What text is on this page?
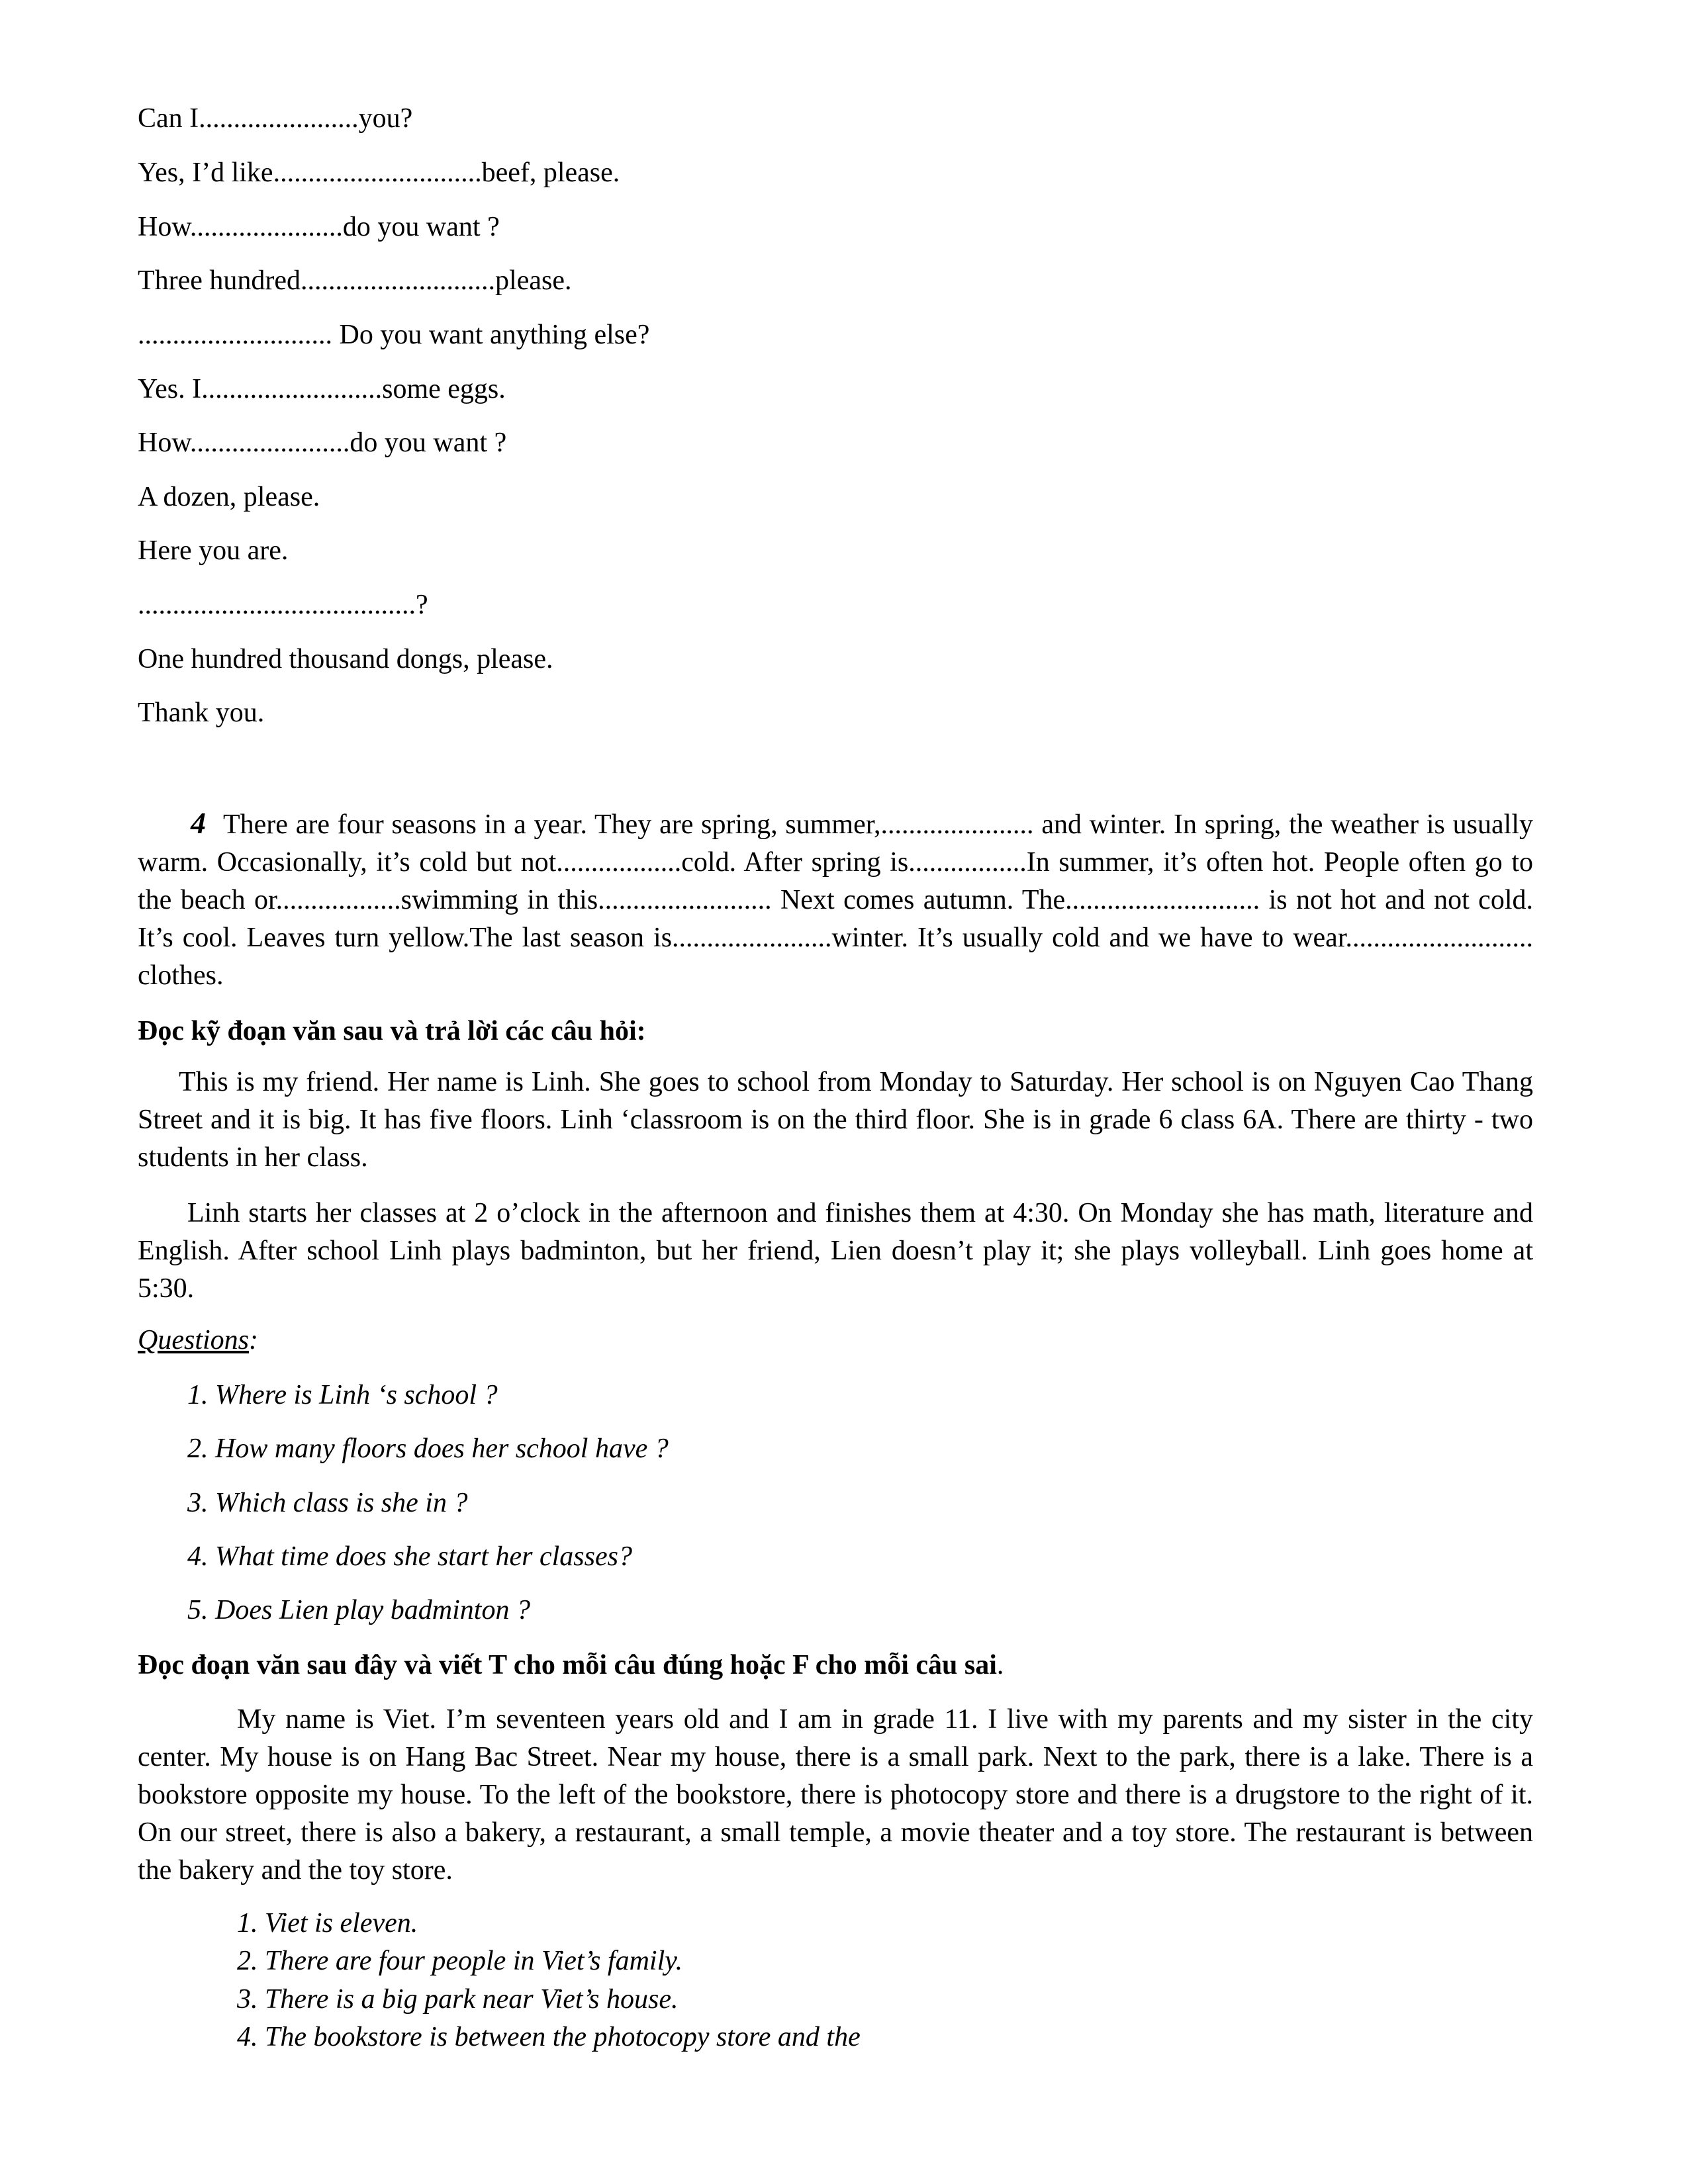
Can I.......................you?
Yes, I’d like..............................beef, please.
How......................do you want ?
Three hundred............................please.
............................ Do you want anything else?
Yes. I..........................some eggs.
How.......................do you want ?
A dozen, please.
Here you are.
........................................?
One hundred thousand dongs, please.
Thank you.
4 There are four seasons in a year. They are spring, summer,...................... and winter. In spring, the weather is usually warm. Occasionally, it’s cold but not..................cold. After spring is.................In summer, it’s often hot. People often go to the beach or..................swimming in this......................... Next comes autumn. The............................ is not hot and not cold. It’s cool. Leaves turn yellow.The last season is.......................winter. It’s usually cold and we have to wear........................... clothes.
Đọc kỹ đoạn văn sau và trả lời các câu hỏi:
This is my friend. Her name is Linh. She goes to school from Monday to Saturday. Her school is on Nguyen Cao Thang Street and it is big. It has five floors. Linh ‘classroom is on the third floor. She is in grade 6 class 6A. There are thirty - two students in her class.
Linh starts her classes at 2 o’clock in the afternoon and finishes them at 4:30. On Monday she has math, literature and English. After school Linh plays badminton, but her friend, Lien doesn’t play it; she plays volleyball. Linh goes home at 5:30.
Questions:
1. Where is Linh ‘s school ?
2. How many floors does her school have ?
3. Which class is she in ?
4. What time does she start her classes?
5. Does Lien play badminton ?
Đọc đoạn văn sau đây và viết T cho mỗi câu đúng hoặc F cho mỗi câu sai.
My name is Viet. I’m seventeen years old and I am in grade 11. I live with my parents and my sister in the city center. My house is on Hang Bac Street. Near my house, there is a small park. Next to the park, there is a lake. There is a bookstore opposite my house. To the left of the bookstore, there is photocopy store and there is a drugstore to the right of it. On our street, there is also a bakery, a restaurant, a small temple, a movie theater and a toy store. The restaurant is between the bakery and the toy store.
1. Viet is eleven.
2. There are four people in Viet’s family.
3. There is a big park near Viet’s house.
4. The bookstore is between the photocopy store and the
